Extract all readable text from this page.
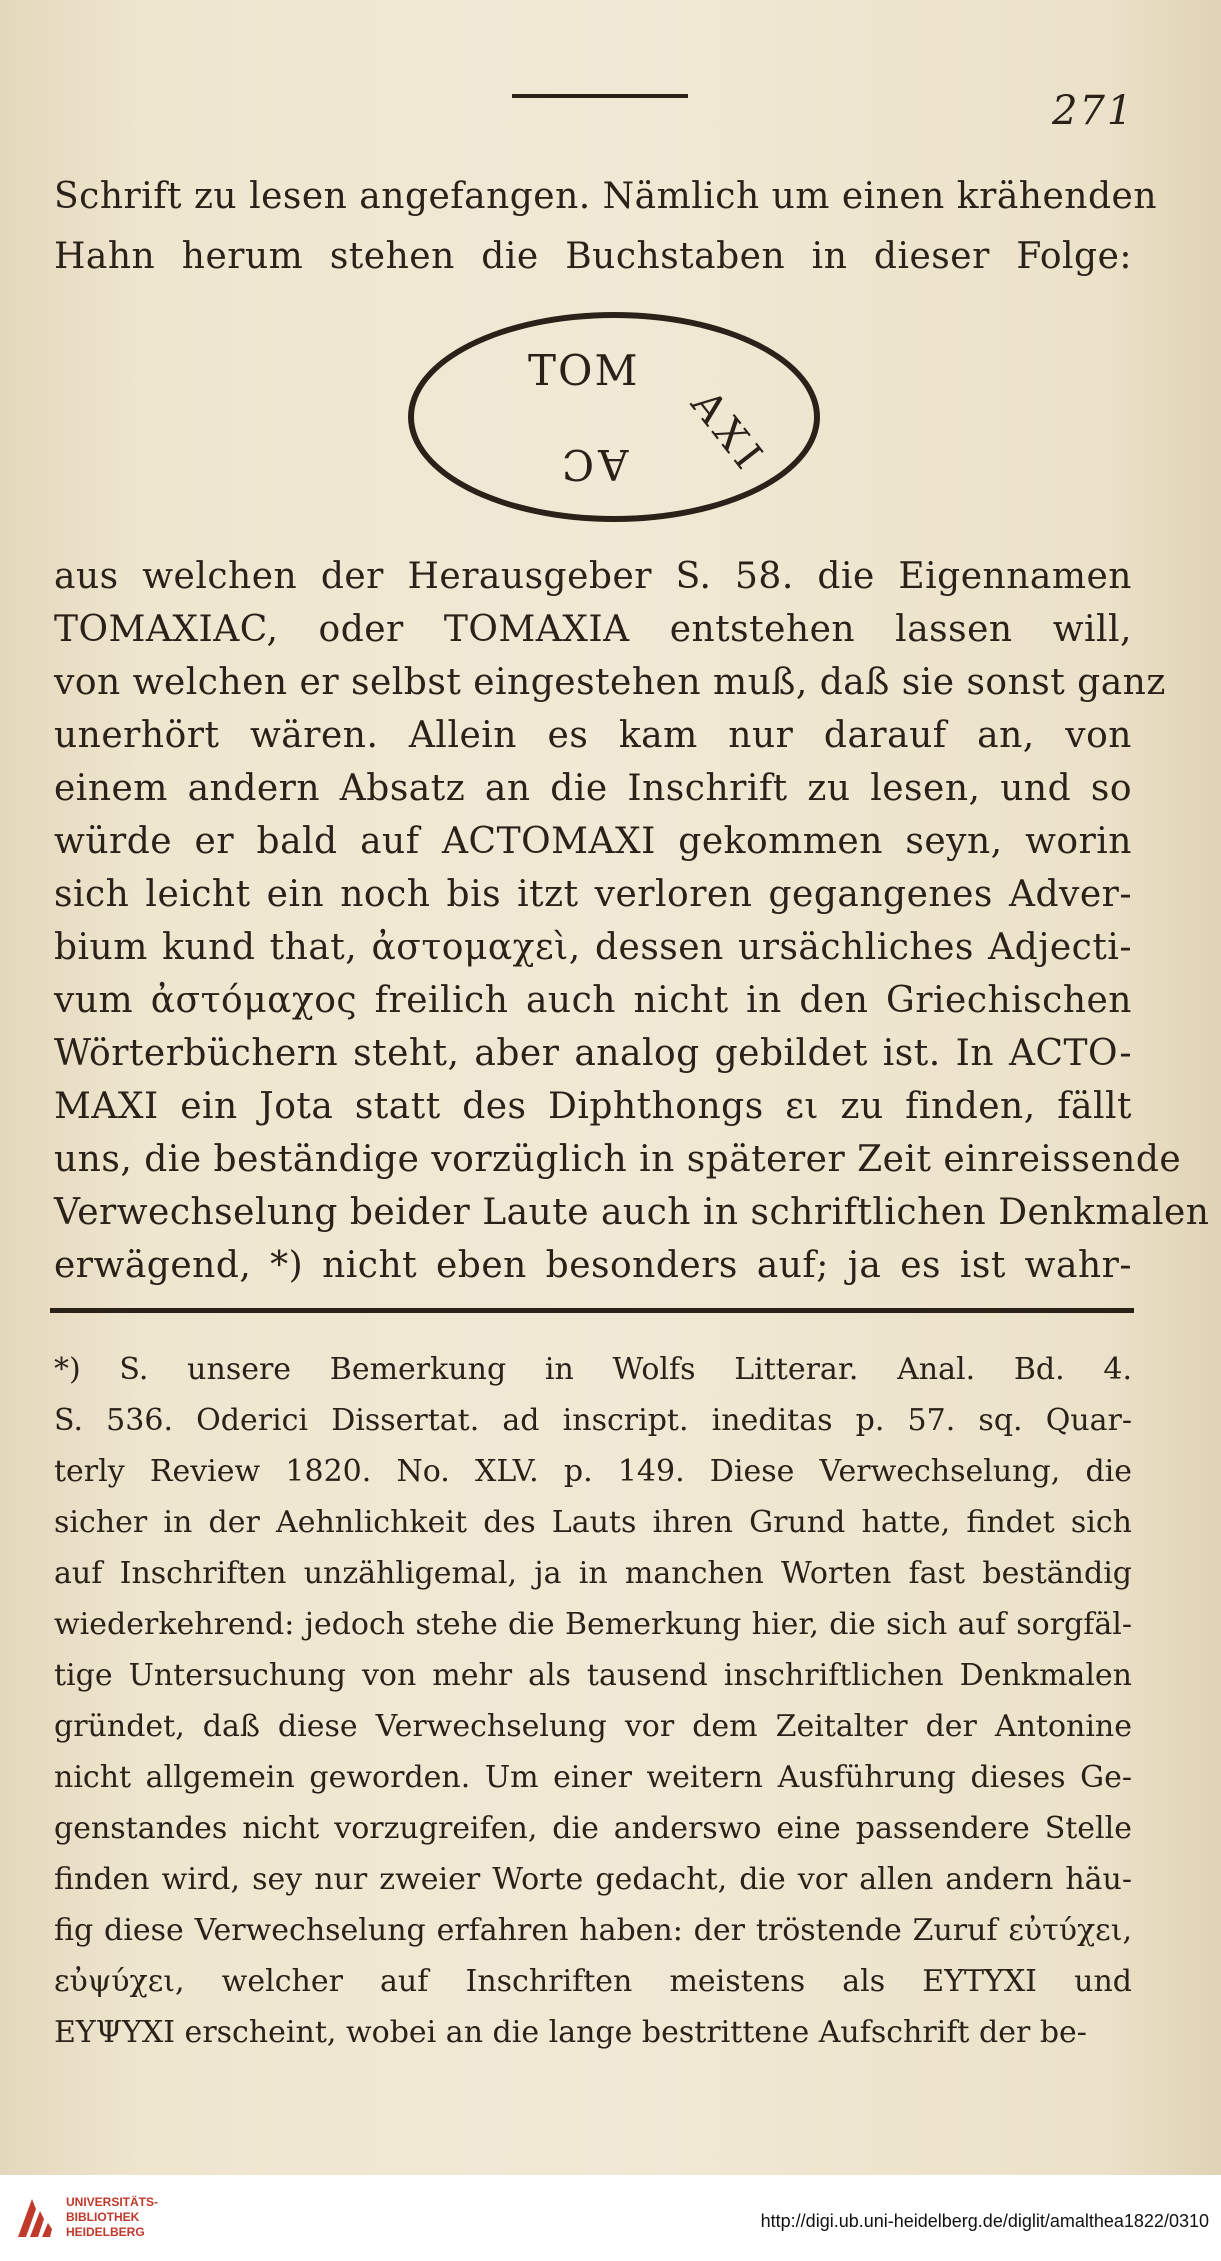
271
Schrift zu lesen angefangen. Nämlich um einen krähenden
Hahn herum stehen die Buchstaben in dieser Folge:
TOM
AXI
AC
aus welchen der Herausgeber S. 58. die Eigennamen
TOMAXIAC, oder TOMAXIA entstehen lassen will,
von welchen er selbst eingestehen muß, daß sie sonst ganz
unerhört wären. Allein es kam nur darauf an, von
einem andern Absatz an die Inschrift zu lesen, und so
würde er bald auf ACTOMAXI gekommen seyn, worin
sich leicht ein noch bis itzt verloren gegangenes Adver-
bium kund that, ἀστομαχεὶ, dessen ursächliches Adjecti-
vum ἀστόμαχος freilich auch nicht in den Griechischen
Wörterbüchern steht, aber analog gebildet ist. In ACTO-
MAXI ein Jota statt des Diphthongs ει zu finden, fällt
uns, die beständige vorzüglich in späterer Zeit einreissende
Verwechselung beider Laute auch in schriftlichen Denkmalen
erwägend, *) nicht eben besonders auf; ja es ist wahr-
*) S. unsere Bemerkung in Wolfs Litterar. Anal. Bd. 4.
S. 536. Oderici Dissertat. ad inscript. ineditas p. 57. sq. Quar-
terly Review 1820. No. XLV. p. 149. Diese Verwechselung, die
sicher in der Aehnlichkeit des Lauts ihren Grund hatte, findet sich
auf Inschriften unzähligemal, ja in manchen Worten fast beständig
wiederkehrend: jedoch stehe die Bemerkung hier, die sich auf sorgfäl-
tige Untersuchung von mehr als tausend inschriftlichen Denkmalen
gründet, daß diese Verwechselung vor dem Zeitalter der Antonine
nicht allgemein geworden. Um einer weitern Ausführung dieses Ge-
genstandes nicht vorzugreifen, die anderswo eine passendere Stelle
finden wird, sey nur zweier Worte gedacht, die vor allen andern häu-
fig diese Verwechselung erfahren haben: der tröstende Zuruf εὐτύχει,
εὐψύχει, welcher auf Inschriften meistens als ΕΥΤΥΧΙ und
ΕΥΨΥΧΙ erscheint, wobei an die lange bestrittene Aufschrift der be-
UNIVERSITÄTS-
BIBLIOTHEK
HEIDELBERG
http://digi.ub.uni-heidelberg.de/diglit/amalthea1822/0310
